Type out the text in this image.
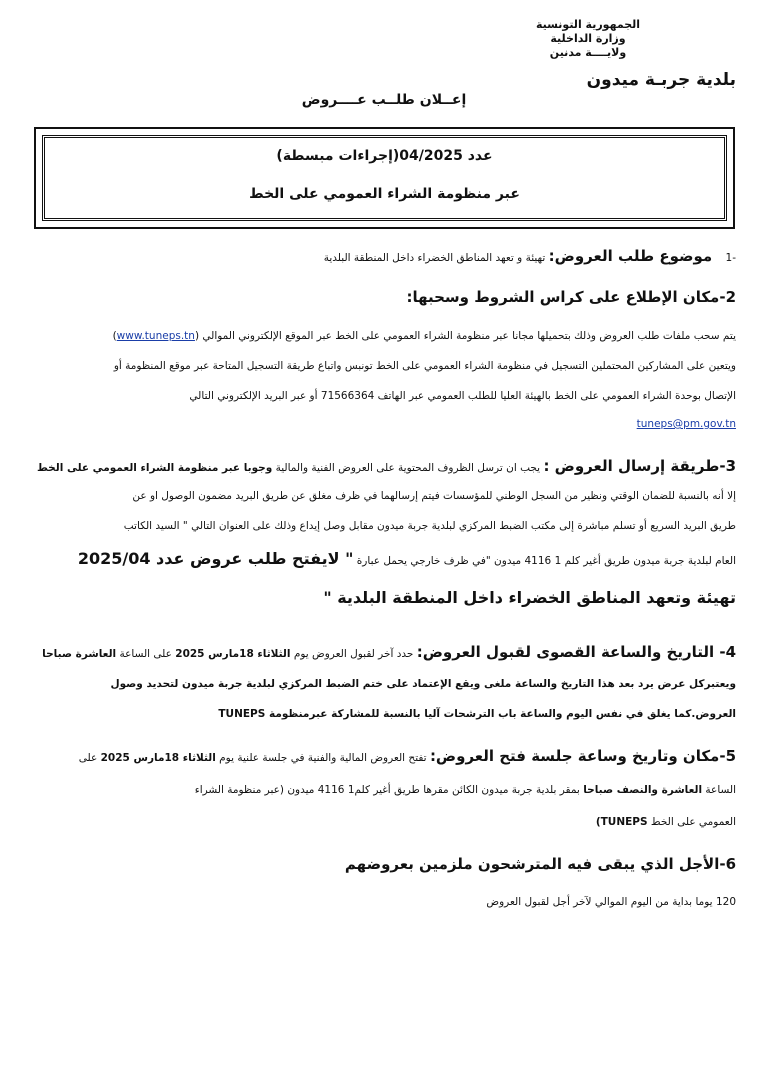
الجمهورية التونسية
وزارة الداخلية
ولايــــة مدنين
بلدية جربـة ميدون
إعــلان طلــب عــــروض
عدد 04/2025(إجراءات مبسطة)
عبر منظومة الشراء العمومي على الخط
-1    موضوع طلب العروض: تهيئة و تعهد المناطق الخضراء داخل المنطقة البلدية
2-مكان الإطلاع على كراس الشروط وسحبها:
يتم سحب ملفات طلب العروض وذلك بتحميلها مجانا عبر منظومة الشراء العمومي على الخط عبر الموقع الإلكتروني الموالي (www.tuneps.tn)
ويتعين على المشاركين المحتملين التسجيل في منظومة الشراء العمومي على الخط تونبس واتباع طريقة التسجيل المتاحة عبر موقع المنظومة أو
الإتصال بوحدة الشراء العمومي على الخط بالهيئة العليا للطلب العمومي عبر الهاتف 71566364 أو عبر البريد الإلكتروني التالي
tuneps@pm.gov.tn
3-طريقة إرسال العروض : يجب ان ترسل الظروف المحتوية على العروض الفنية والمالية وجوبا عبر منظومة الشراء العمومي على الخط
إلا أنه بالنسبة للضمان الوقتي ونظير من السجل الوطني للمؤسسات فيتم إرسالهما في ظرف مغلق عن طريق البريد مضمون الوصول او عن
طريق البريد السريع أو تسلم مباشرة إلى مكتب الضبط المركزي لبلدية جربة ميدون مقابل وصل إيداع وذلك على العنوان التالي " السيد الكاتب
العام لبلدية جربة ميدون طريق أغير كلم 1 4116 ميدون "في ظرف خارجي يحمل عبارة " لايفتح طلب عروض عدد 2025/04
تهيئة وتعهد المناطق الخضراء داخل المنطقة البلدية "
4- التاريخ والساعة القصوى لقبول العروض: حدد آخر لقبول العروض يوم الثلاثاء 18مارس 2025 على الساعة العاشرة صباحا
ويعتبركل عرض يرد بعد هذا التاريخ والساعة ملغى ويقع الإعتماد على ختم الضبط المركزي لبلدية جربة ميدون لتحديد وصول
العروض.كما يغلق في نفس اليوم والساعة باب الترشحات آليا بالنسبة للمشاركة عبرمنظومة TUNEPS
5-مكان وتاريخ وساعة جلسة فتح العروض: تفتح العروض المالية والفنية في جلسة علنية يوم الثلاثاء 18مارس 2025 على
الساعة العاشرة والنصف صباحا بمقر بلدية جربة ميدون الكائن مقرها طريق أغير كلم1 4116 ميدون (عبر منظومة الشراء
العمومي على الخط TUNEPS)
6-الأجل الذي يبقى فيه المترشحون ملزمين بعروضهم
120 يوما بداية من اليوم الموالي لآخر أجل لقبول العروض
